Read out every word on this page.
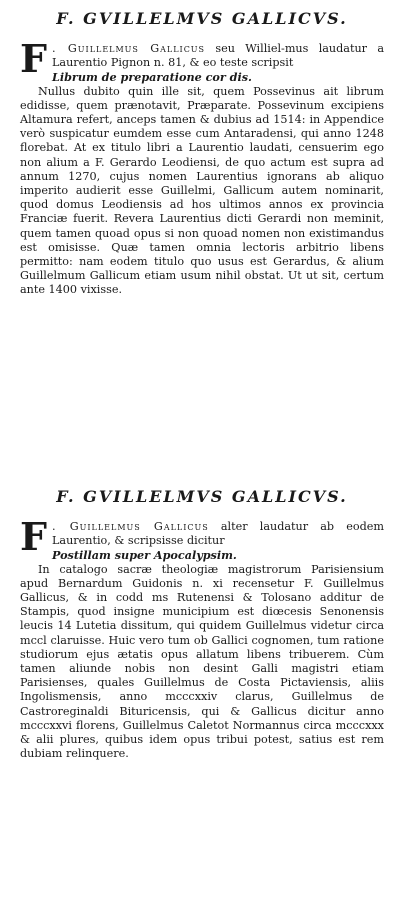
F. GVILLELMVS GALLICVS.
F . Guillelmus Gallicus seu Williel-mus laudatur a Laurentio Pignon n. 81, & eo teste scripsit
Librum de preparatione cor dis.
Nullus dubito quin ille sit, quem Possevinus ait librum edidisse, quem prænotavit, Præparate. Possevinum excipiens Altamura refert, anceps tamen & dubius ad 1514: in Appendice verò suspicatur eumdem esse cum Antaradensi, qui anno 1248 florebat. At ex titulo libri a Laurentio laudati, censuerim ego non alium a F. Gerardo Leodiensi, de quo actum est supra ad annum 1270, cujus nomen Laurentius ignorans ab aliquo imperito audierit esse Guillelmi, Gallicum autem nominarit, quod domus Leodiensis ad hos ultimos annos ex provincia Franciæ fuerit. Revera Laurentius dicti Gerardi non meminit, quem tamen quoad opus si non quoad nomen non existimandus est omisisse. Quæ tamen omnia lectoris arbitrio libens permitto: nam eodem titulo quo usus est Gerardus, & alium Guillelmum Gallicum etiam usum nihil obstat. Ut ut sit, certum ante 1400 vixisse.
F. GVILLELMVS GALLICVS.
F . Guillelmus Gallicus alter laudatur ab eodem Laurentio, & scripsisse dicitur
Postillam super Apocalypsim.
In catalogo sacræ theologiæ magistrorum Parisiensium apud Bernardum Guidonis n. xi recensetur F. Guillelmus Gallicus, & in codd ms Rutenensi & Tolosano additur de Stampis, quod insigne municipium est diœcesis Senonensis leucis 14 Lutetia dissitum, qui quidem Guillelmus videtur circa mccl claruisse. Huic vero tum ob Gallici cognomen, tum ratione studiorum ejus ætatis opus allatum libens tribuerem. Cùm tamen aliunde nobis non desint Galli magistri etiam Parisienses, quales Guillelmus de Costa Pictaviensis, aliis Ingolismensis, anno mcccxxiv clarus, Guillelmus de Castroreginaldi Bituricensis, qui & Gallicus dicitur anno mcccxxvi florens, Guillelmus Caletot Normannus circa mcccxxx & alii plures, quibus idem opus tribui potest, satius est rem dubiam relinquere.
